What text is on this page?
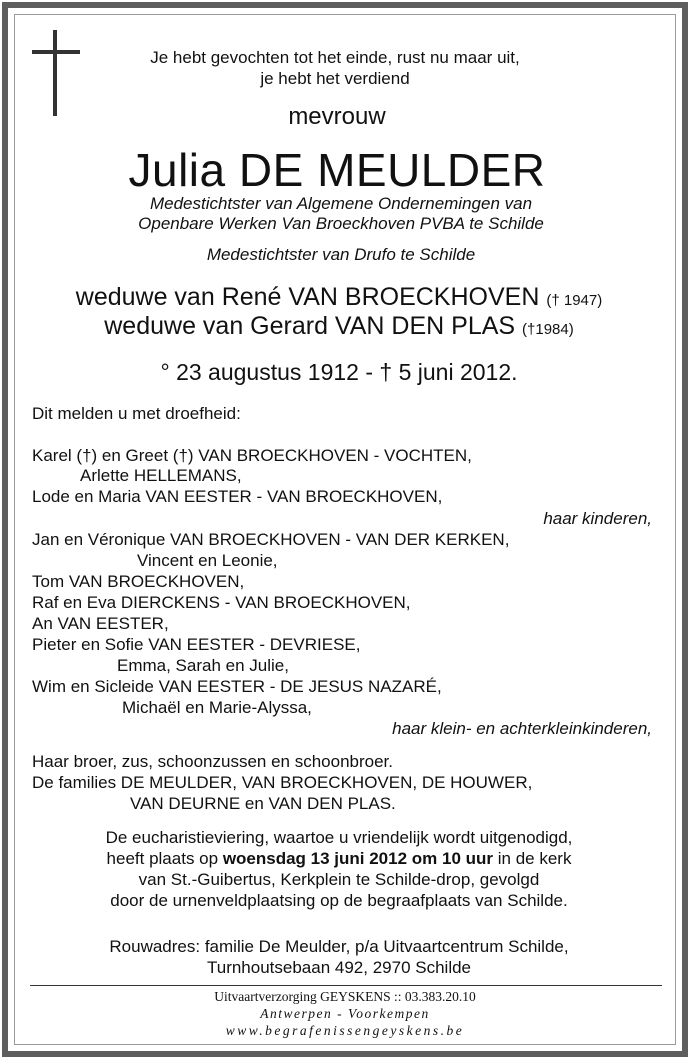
Je hebt gevochten tot het einde, rust nu maar uit,
je hebt het verdiend
mevrouw
Julia DE MEULDER
Medestichtster van Algemene Ondernemingen van
Openbare Werken Van Broeckhoven PVBA te Schilde
Medestichtster van Drufo te Schilde
weduwe van René VAN BROECKHOVEN († 1947)
weduwe van Gerard VAN DEN PLAS (†1984)
° 23 augustus 1912 - † 5 juni 2012.
Dit melden u met droefheid:
Karel (†) en Greet (†) VAN BROECKHOVEN - VOCHTEN,
Arlette HELLEMANS,
Lode en Maria VAN EESTER - VAN BROECKHOVEN,
haar kinderen,
Jan en Véronique VAN BROECKHOVEN - VAN DER KERKEN,
Vincent en Leonie,
Tom VAN BROECKHOVEN,
Raf en Eva DIERCKENS - VAN BROECKHOVEN,
An VAN EESTER,
Pieter en Sofie VAN EESTER - DEVRIESE,
Emma, Sarah en Julie,
Wim en Sicleide VAN EESTER - DE JESUS NAZARÉ,
Michaël en Marie-Alyssa,
haar klein- en achterkleinkinderen,
Haar broer, zus, schoonzussen en schoonbroer.
De families DE MEULDER, VAN BROECKHOVEN, DE HOUWER,
VAN DEURNE en VAN DEN PLAS.
De eucharistieviering, waartoe u vriendelijk wordt uitgenodigd,
heeft plaats op woensdag 13 juni 2012 om 10 uur in de kerk
van St.-Guibertus, Kerkplein te Schilde-drop, gevolgd
door de urnenveldplaatsing op de begraafplaats van Schilde.
Rouwadres: familie De Meulder, p/a Uitvaartcentrum Schilde,
Turnhoutsebaan 492, 2970 Schilde
Uitvaartverzorging GEYSKENS :: 03.383.20.10
Antwerpen - Voorkempen
www.begrafenissengeyskens.be
